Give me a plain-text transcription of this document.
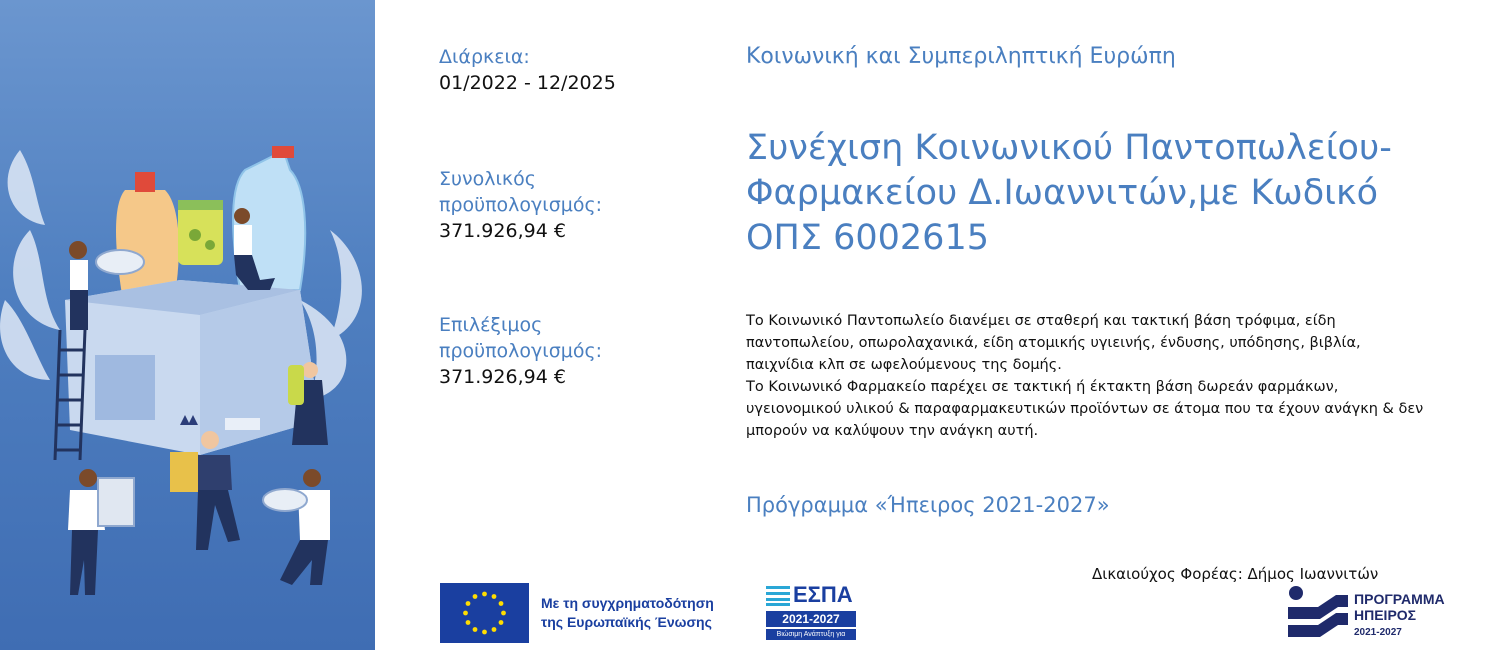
Διάρκεια:
01/2022 - 12/2025
Συνολικός
προϋπολογισμός:
371.926,94 €
Επιλέξιμος
προϋπολογισμός:
371.926,94 €
Κοινωνική και Συμπεριληπτική Ευρώπη
Συνέχιση Κοινωνικού Παντοπωλείου-
Φαρμακείου Δ.Ιωαννιτών,με Κωδικό
ΟΠΣ 6002615

Το Κοινωνικό Παντοπωλείο διανέμει σε σταθερή και τακτική βάση τρόφιμα, είδη

παντοπωλείου, οπωρολαχανικά, είδη ατομικής υγιεινής, ένδυσης, υπόδησης, βιβλία,

παιχνίδια κλπ σε ωφελούμενους της δομής.

Το Κοινωνικό Φαρμακείο παρέχει σε τακτική ή έκτακτη βάση δωρεάν φαρμάκων,

υγειονομικού υλικού & παραφαρμακευτικών προϊόντων σε άτομα που τα έχουν ανάγκη & δεν

μπορούν να καλύψουν την ανάγκη αυτή.

Πρόγραμμα «Ήπειρος 2021-2027»
Δικαιούχος Φορέας: Δήμος Ιωαννιτών
Με τη συγχρηματοδότηση
της Ευρωπαϊκής Ένωσης
ΕΣΠΑ
2021-2027
Βιώσιμη Ανάπτυξη για Όλους
ΠΡΟΓΡΑΜΜΑ
ΗΠΕΙΡΟΣ
2021-2027
